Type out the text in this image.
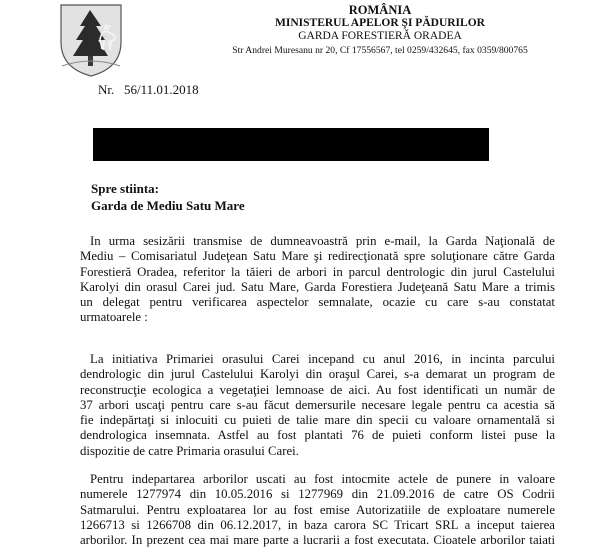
ROMÂNIA
MINISTERUL APELOR ŞI PĂDURILOR
GARDA FORESTIERĂ ORADEA
Str Andrei Muresanu nr 20, Cf 17556567, tel 0259/432645, fax 0359/800765
Nr.   56/11.01.2018
Spre stiinta:
Garda de Mediu Satu Mare
In urma sesizării transmise de dumneavoastră prin e-mail, la Garda Naţională de
Mediu – Comisariatul Judeţean Satu Mare şi redirecţionată spre soluţionare către Garda
Forestieră Oradea, referitor la tăieri de arbori in parcul dentrologic din jurul Castelului
Karolyi din orasul Carei jud. Satu Mare, Garda Forestiera Judeţeană Satu Mare a trimis
un delegat pentru verificarea aspectelor semnalate, ocazie cu care s-au constatat
urmatoarele :
La initiativa Primariei orasului Carei incepand cu anul 2016, in incinta parcului
dendrologic din jurul Castelului Karolyi din oraşul Carei, s-a demarat un program de
reconstrucţie ecologica a vegetaţiei lemnoase de aici. Au fost identificati un număr de
37 arbori uscaţi pentru care s-au făcut demersurile necesare legale pentru ca acestia să
fie indepărtaţi si inlocuiti cu puieti de talie mare din specii cu valoare ornamentală si
dendrologica insemnata. Astfel au fost plantati 76 de puieti conform listei puse la
dispozitie de catre Primaria orasului Carei.
Pentru indepartarea arborilor uscati au fost intocmite actele de punere in valoare
numerele 1277974 din 10.05.2016 si 1277969 din 21.09.2016 de catre OS Codrii
Satmarului. Pentru exploatarea lor au fost emise Autorizatiile de exploatare numerele
1266713 si 1266708 din 06.12.2017, in baza carora SC Tricart SRL a inceput taierea
arborilor. In prezent cea mai mare parte a lucrarii a fost executata. Cioatele arborilor taiati
